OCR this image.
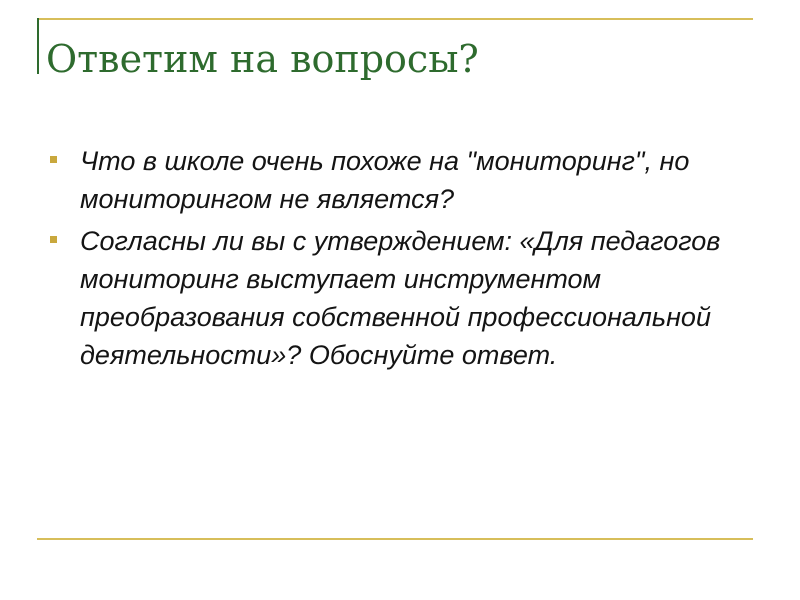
Ответим на вопросы?
Что в школе очень похоже на "мониторинг", но мониторингом не является?
Согласны ли вы с утверждением: «Для педагогов мониторинг выступает инструментом преобразования собственной профессиональной деятельности»? Обоснуйте ответ.
